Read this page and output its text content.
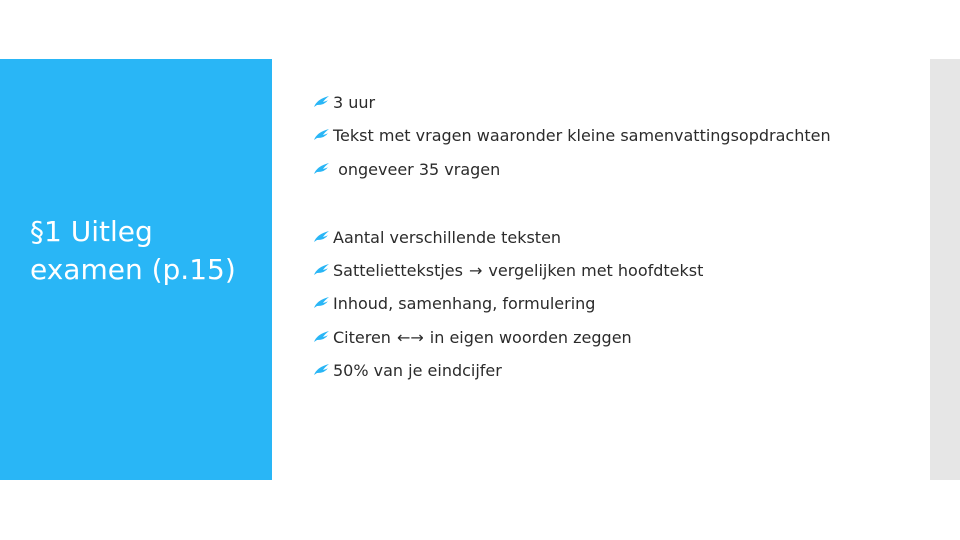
§1 Uitleg examen (p.15)
3 uur
Tekst met vragen waaronder kleine samenvattingsopdrachten
ongeveer 35 vragen
Aantal verschillende teksten
Satteliettekstjes → vergelijken met hoofdtekst
Inhoud, samenhang, formulering
Citeren ←→ in eigen woorden zeggen
50% van je eindcijfer
